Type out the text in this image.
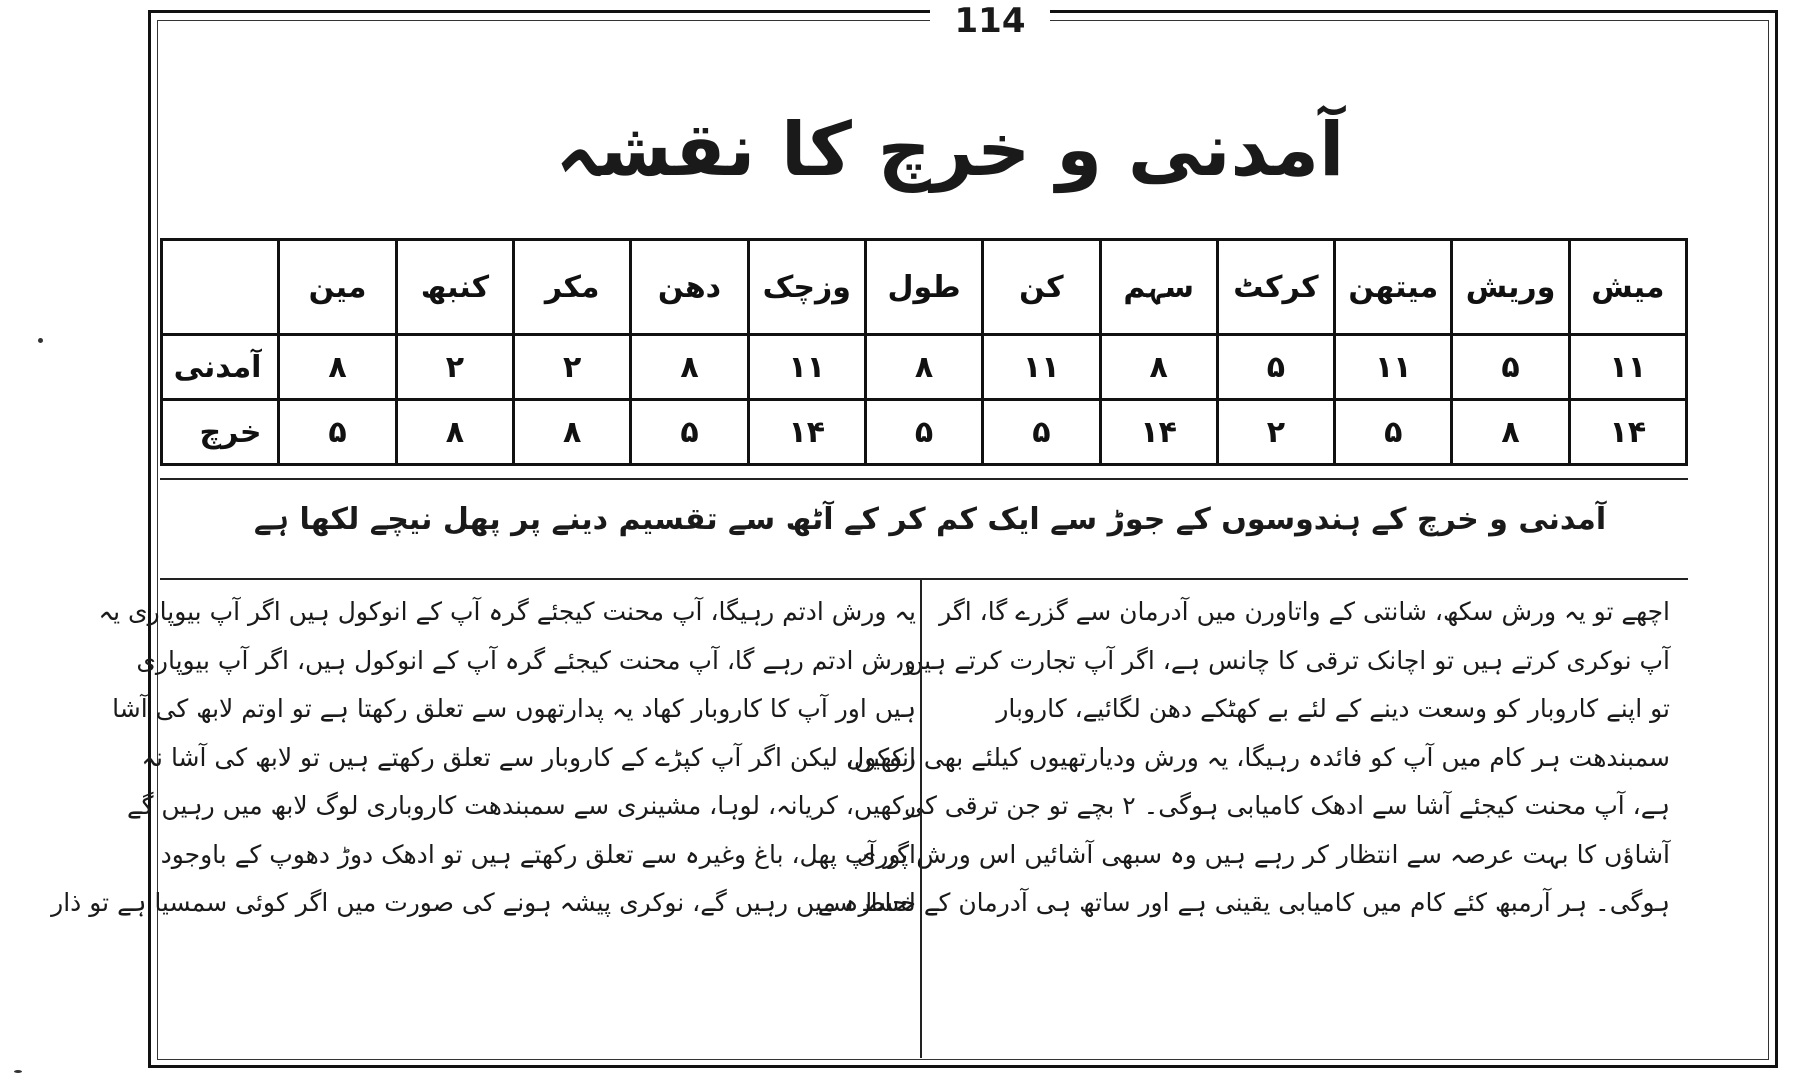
114
آمدنی و خرچ کا نقشہ
میش	وریش	میتھن	کرکٹ	سہم	کن	طول	وزچک	دھن	مکر	کنبھ	مین	
۱۱	۵	۱۱	۵	۸	۱۱	۸	۱۱	۸	۲	۲	۸	آمدنی
۱۴	۸	۵	۲	۱۴	۵	۵	۱۴	۵	۸	۸	۵	خرچ
آمدنی و خرچ کے ہندوسوں کے جوڑ سے ایک کم کر کے آٹھ سے تقسیم دینے پر پھل نیچے لکھا ہے

اچھے تو یہ ورش سکھ، شانتی کے واتاورن میں آدرمان سے گزرے گا، اگر

آپ نوکری کرتے ہیں تو اچانک ترقی کا چانس ہے، اگر آپ تجارت کرتے ہیں

تو اپنے کاروبار کو وسعت دینے کے لئے بے کھٹکے دھن لگائیے، کاروبار

سمبندھت ہر کام میں آپ کو فائدہ رہیگا، یہ ورش ودیارتھیوں کیلئے بھی انوکول

ہے، آپ محنت کیجئے آشا سے ادھک کامیابی ہوگی۔ ۲ بچے تو جن ترقی کی

آشاؤں کا بہت عرصہ سے انتظار کر رہے ہیں وہ سبھی آشائیں اس ورش پوری

ہوگی۔ ہر آرمبھ کئے کام میں کامیابی یقینی ہے اور ساتھ ہی آدرمان کے لحاظ سے

یہ ورش ادتم رہیگا، آپ محنت کیجئے گرہ آپ کے انوکول ہیں اگر آپ بیوپاری یہ

ورش ادتم رہے گا، آپ محنت کیجئے گرہ آپ کے انوکول ہیں، اگر آپ بیوپاری

ہیں اور آپ کا کاروبار کھاد یہ پدارتھوں سے تعلق رکھتا ہے تو اوتم لابھ کی آشا

رکھیں، لیکن اگر آپ کپڑے کے کاروبار سے تعلق رکھتے ہیں تو لابھ کی آشا نہ

رکھیں، کریانہ، لوہا، مشینری سے سمبندھت کاروباری لوگ لابھ میں رہیں گے

اگر آپ پھل، باغ وغیرہ سے تعلق رکھتے ہیں تو ادھک دوڑ دھوپ کے باوجود

خسارہ میں رہیں گے، نوکری پیشہ ہونے کی صورت میں اگر کوئی سمسیا ہے تو ذار
